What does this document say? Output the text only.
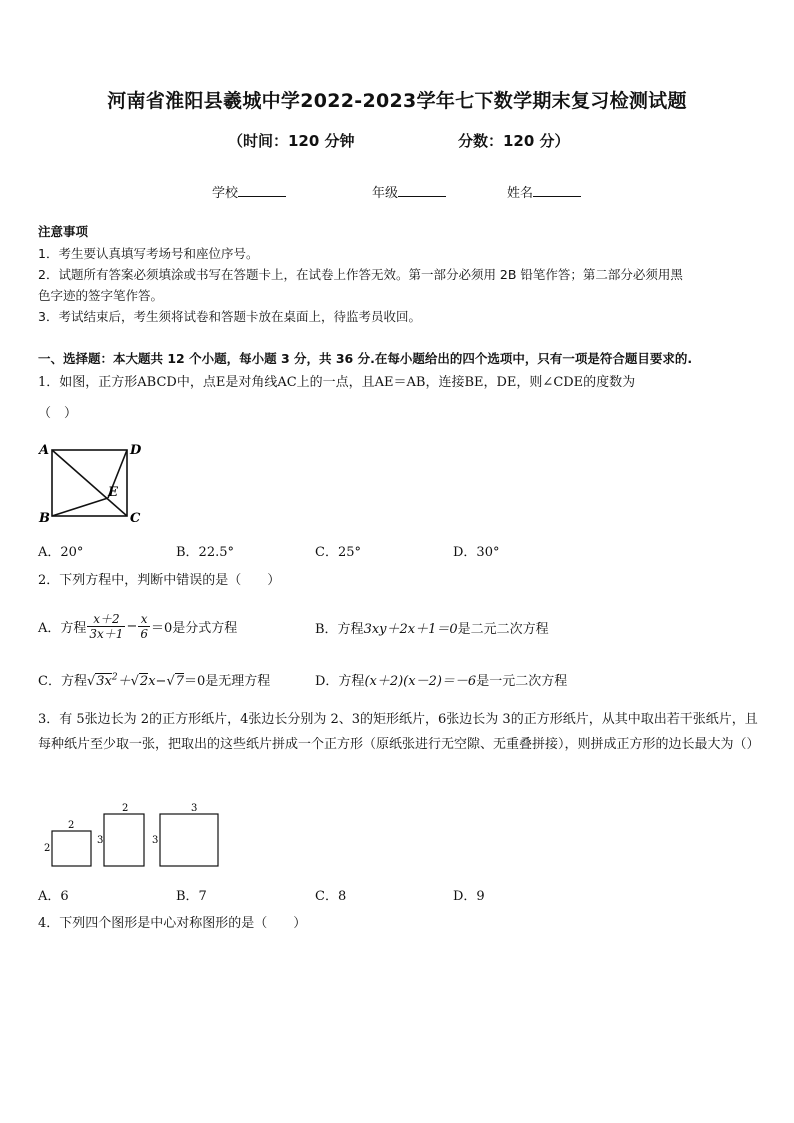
河南省淮阳县羲城中学2022-2023学年七下数学期末复习检测试题
（时间：120 分钟	分数：120 分）
学校	年级	姓名
注意事项
1．考生要认真填写考场号和座位序号。
2．试题所有答案必须填涂或书写在答题卡上，在试卷上作答无效。第一部分必须用 2B 铅笔作答；第二部分必须用黑
色字迹的签字笔作答。
3．考试结束后，考生须将试卷和答题卡放在桌面上，待监考员收回。
一、选择题：本大题共 12 个小题，每小题 3 分，共 36 分.在每小题给出的四个选项中，只有一项是符合题目要求的.
1．如图，正方形ABCD中，点E是对角线AC上的一点，且AE＝AB，连接BE，DE，则∠CDE的度数为
（　）
A	D
B	C
E
A．20°	B．22.5°	C．25°	D．30°
2．下列方程中，判断中错误的是（　　）
A．方程 $\frac{x+2}{3x+1} - \frac{x}{6} =0$ 是分式方程	B．方程3xy＋2x＋1＝0是二元二次方程
C．方程$√3x^2+√2x-√7=0$是无理方程	D．方程(x＋2)(x－2)＝－6是一元二次方程
3．有 5张边长为 2的正方形纸片，4张边长分别为 2、3的矩形纸片，6张边长为 3的正方形纸片，从其中取出若干张纸片，且每种纸片至少取一张，把取出的这些纸片拼成一个正方形（原纸张进行无空隙、无重叠拼接），则拼成正方形的边长最大为（）
2
2
2
3
3
3
A．6	B．7	C．8	D．9
4．下列四个图形是中心对称图形的是（　　）
